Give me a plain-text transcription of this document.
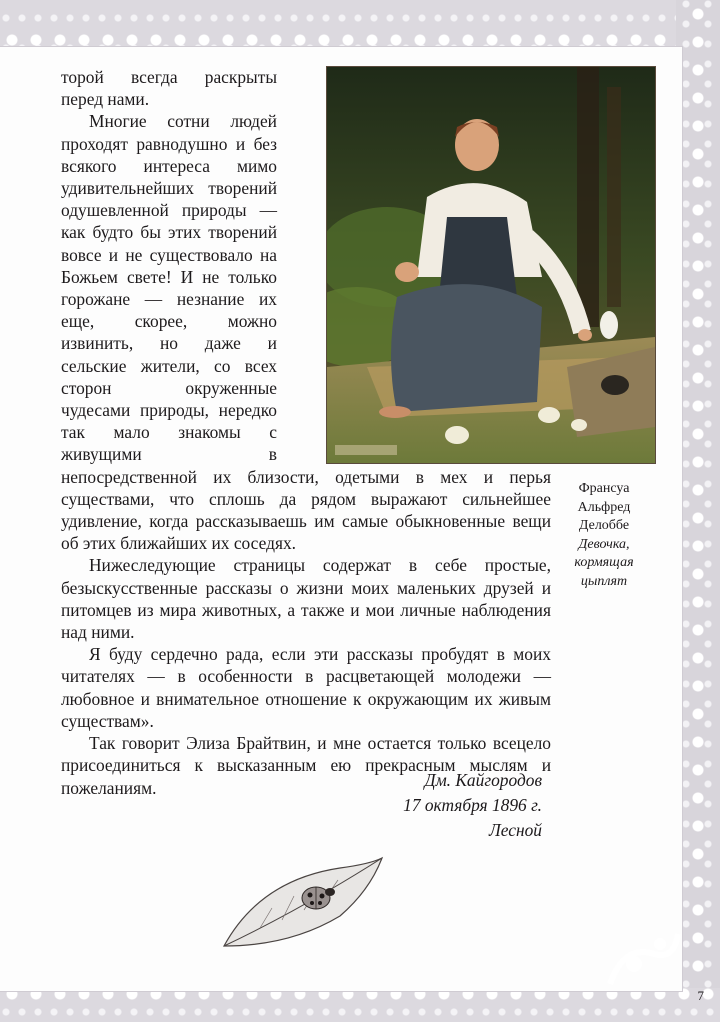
торой всегда раскрыты перед нами.

Многие сотни людей проходят равнодушно и без всякого интереса мимо удивительнейших творений одушевленной природы — как будто бы этих творений вовсе и не существовало на Божьем свете! И не только горожане — незнание их еще, скорее, можно извинить, но даже и сельские жители, со всех сторон окруженные чудесами природы, нередко так мало знакомы с живущими в непосредственной их близости, одетыми в мех и перья существами, что сплошь да рядом выражают сильнейшее удивление, когда рассказываешь им самые обыкновенные вещи об этих ближайших их соседях.

Нижеследующие страницы содержат в себе простые, безыскусственные рассказы о жизни моих маленьких друзей и питомцев из мира животных, а также и мои личные наблюдения над ними.

Я буду сердечно рада, если эти рассказы пробудят в моих читателях — в особенности в расцветающей молодежи — любовное и внимательное отношение к окружающим их живым существам».

Так говорит Элиза Брайтвин, и мне остается только всецело присоединиться к высказанным ею прекрасным мыслям и пожеланиям.

Франсуа Альфред Делоббе
Девочка, кормящая цыплят
Дм. Кайгородов
17 октября 1896 г.
Лесной
7
